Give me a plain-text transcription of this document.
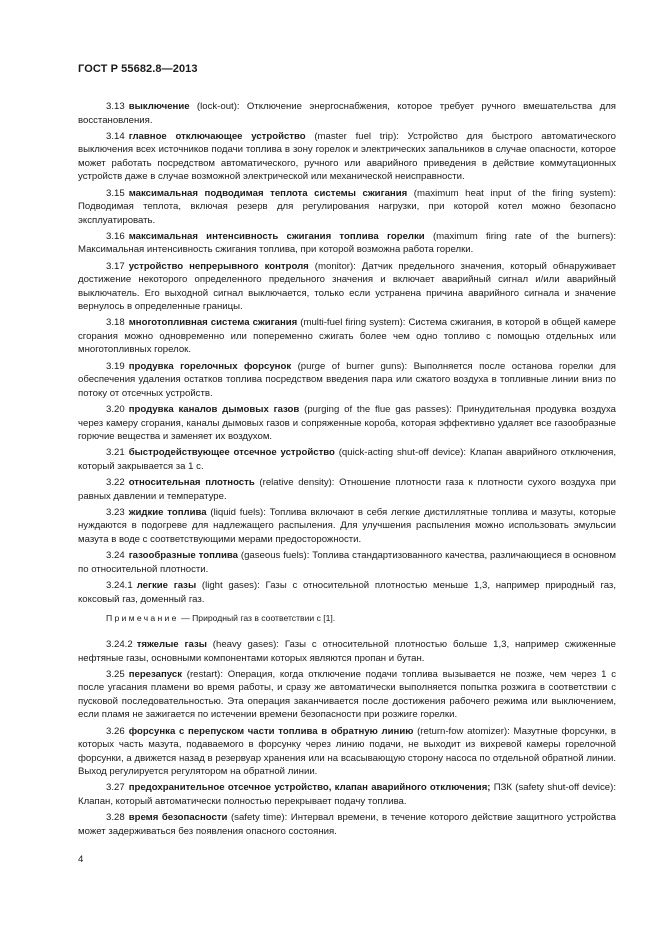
ГОСТ Р 55682.8—2013

3.13 выключение (lock-out): Отключение энергоснабжения, которое требует ручного вмешательства для восстановления.

3.14 главное отключающее устройство (master fuel trip): Устройство для быстрого автоматического выключения всех источников подачи топлива в зону горелок и электрических запальников в случае опасности, которое может работать посредством автоматического, ручного или аварийного приведения в действие коммутационных устройств даже в случае возможной электрической или механической неисправности.

3.15 максимальная подводимая теплота системы сжигания (maximum heat input of the firing system): Подводимая теплота, включая резерв для регулирования нагрузки, при которой котел можно безопасно эксплуатировать.

3.16 максимальная интенсивность сжигания топлива горелки (maximum firing rate of the burners): Максимальная интенсивность сжигания топлива, при которой возможна работа горелки.

3.17 устройство непрерывного контроля (monitor): Датчик предельного значения, который обнаруживает достижение некоторого определенного предельного значения и включает аварийный сигнал и/или аварийный выключатель. Его выходной сигнал выключается, только если устранена причина аварийного сигнала и значение вернулось в определенные границы.

3.18 многотопливная система сжигания (multi-fuel firing system): Система сжигания, в которой в общей камере сгорания можно одновременно или попеременно сжигать более чем одно топливо с помощью отдельных или многотопливных горелок.

3.19 продувка горелочных форсунок (purge of burner guns): Выполняется после останова горелки для обеспечения удаления остатков топлива посредством введения пара или сжатого воздуха в топливные линии вниз по потоку от отсечных устройств.

3.20 продувка каналов дымовых газов (purging of the flue gas passes): Принудительная продувка воздуха через камеру сгорания, каналы дымовых газов и сопряженные короба, которая эффективно удаляет все газообразные горючие вещества и заменяет их воздухом.

3.21 быстродействующее отсечное устройство (quick-acting shut-off device): Клапан аварийного отключения, который закрывается за 1 с.

3.22 относительная плотность (relative density): Отношение плотности газа к плотности сухого воздуха при равных давлении и температуре.

3.23 жидкие топлива (liquid fuels): Топлива включают в себя легкие дистиллятные топлива и мазуты, которые нуждаются в подогреве для надлежащего распыления. Для улучшения распыления можно использовать эмульсии мазута в воде с соответствующими мерами предосторожности.

3.24 газообразные топлива (gaseous fuels): Топлива стандартизованного качества, различающиеся в основном по относительной плотности.

3.24.1 легкие газы (light gases): Газы с относительной плотностью меньше 1,3, например природный газ, коксовый газ, доменный газ.

Примечание — Природный газ в соответствии с [1].

3.24.2 тяжелые газы (heavy gases): Газы с относительной плотностью больше 1,3, например сжиженные нефтяные газы, основными компонентами которых являются пропан и бутан.

3.25 перезапуск (restart): Операция, когда отключение подачи топлива вызывается не позже, чем через 1 с после угасания пламени во время работы, и сразу же автоматически выполняется попытка розжига в соответствии с пусковой последовательностью. Эта операция заканчивается после достижения рабочего режима или выключением, если пламя не зажигается по истечении времени безопасности при розжиге горелки.

3.26 форсунка с перепуском части топлива в обратную линию (return-fow atomizer): Мазутные форсунки, в которых часть мазута, подаваемого в форсунку через линию подачи, не выходит из вихревой камеры горелочной форсунки, а движется назад в резервуар хранения или на всасывающую сторону насоса по отдельной обратной линии. Выход регулируется регулятором на обратной линии.

3.27 предохранительное отсечное устройство, клапан аварийного отключения; ПЗК (safety shut-off device): Клапан, который автоматически полностью перекрывает подачу топлива.

3.28 время безопасности (safety time): Интервал времени, в течение которого действие защитного устройства может задерживаться без появления опасного состояния.

4
